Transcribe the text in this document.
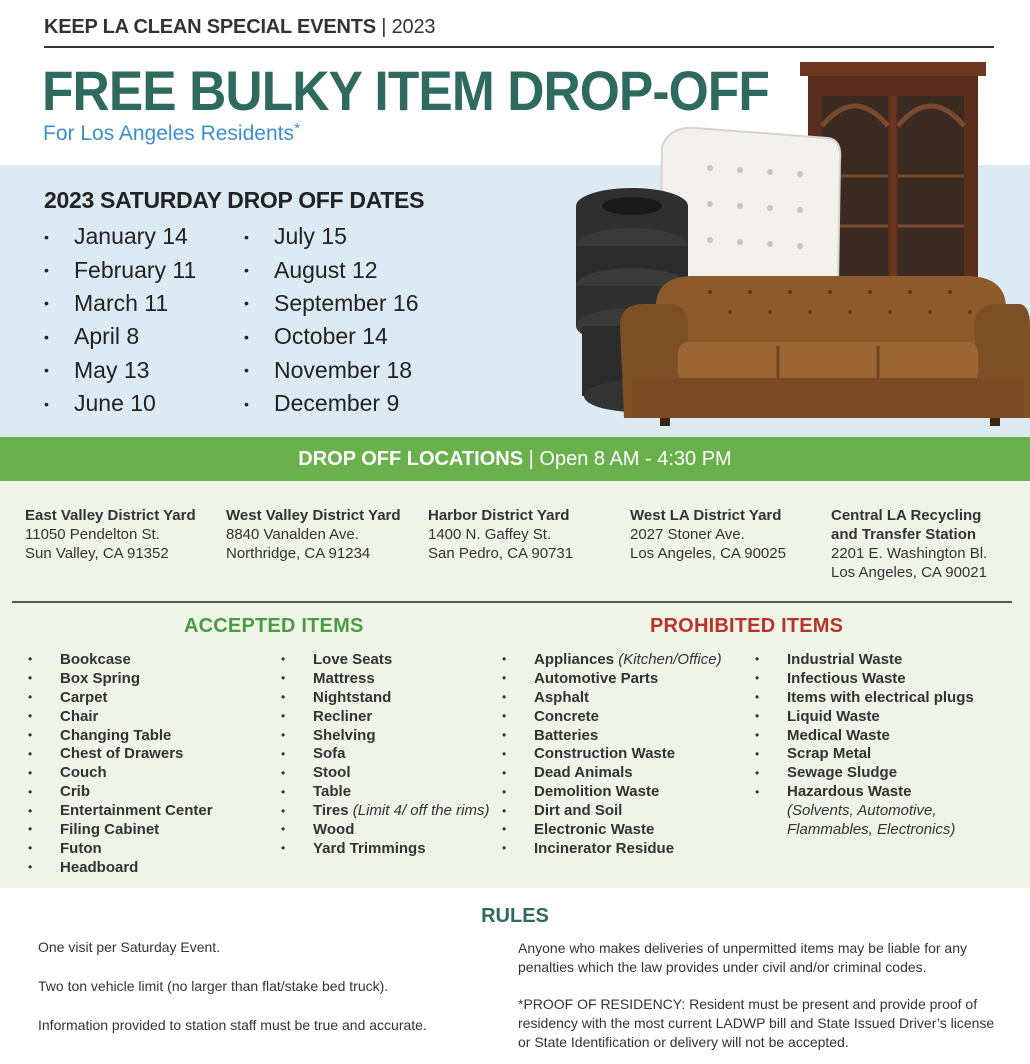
KEEP LA CLEAN SPECIAL EVENTS | 2023
FREE BULKY ITEM DROP-OFF
For Los Angeles Residents*
2023 SATURDAY DROP OFF DATES
•	January 14
•	February 11
•	March 11
•	April 8
•	May 13
•	June 10
•	July 15
•	August 12
•	September 16
•	October 14
•	November 18
•	December 9
DROP OFF LOCATIONS | Open 8 AM - 4:30 PM
East Valley District Yard
11050 Pendelton St.
Sun Valley, CA 91352
West Valley District Yard
8840 Vanalden Ave.
Northridge, CA 91234
Harbor District Yard
1400 N. Gaffey St.
San Pedro, CA 90731
West LA District Yard
2027 Stoner Ave.
Los Angeles, CA 90025
Central LA Recycling
and Transfer Station
2201 E. Washington Bl.
Los Angeles, CA 90021
ACCEPTED ITEMS	PROHIBITED ITEMS
•	Bookcase
•	Box Spring
•	Carpet
•	Chair
•	Changing Table
•	Chest of Drawers
•	Couch
•	Crib
•	Entertainment Center
•	Filing Cabinet
•	Futon
•	Headboard
•	Love Seats
•	Mattress
•	Nightstand
•	Recliner
•	Shelving
•	Sofa
•	Stool
•	Table
•	Tires
(Limit 4/ off the rims)
•	Wood
•	Yard Trimmings
•	Appliances
(Kitchen/Office)
•	Automotive Parts
•	Asphalt
•	Concrete
•	Batteries
•	Construction Waste
•	Dead Animals
•	Demolition Waste
•	Dirt and Soil
•	Electronic Waste
•	Incinerator Residue
•	Industrial Waste
•	Infectious Waste
•	Items with electrical plugs
•	Liquid Waste
•	Medical Waste
•	Scrap Metal
•	Sewage Sludge
•	Hazardous Waste
(Solvents, Automotive,
Flammables, Electronics)
RULES
One visit per Saturday Event.
Two ton vehicle limit (no larger than flat/stake bed truck).
Information provided to station staff must be true and accurate.
Anyone who makes deliveries of unpermitted items may be liable for any penalties which the law provides under civil and/or criminal codes.
*PROOF OF RESIDENCY: Resident must be present and provide proof of residency with the most current LADWP bill and State Issued Driver’s license or State Identification or delivery will not be accepted.
